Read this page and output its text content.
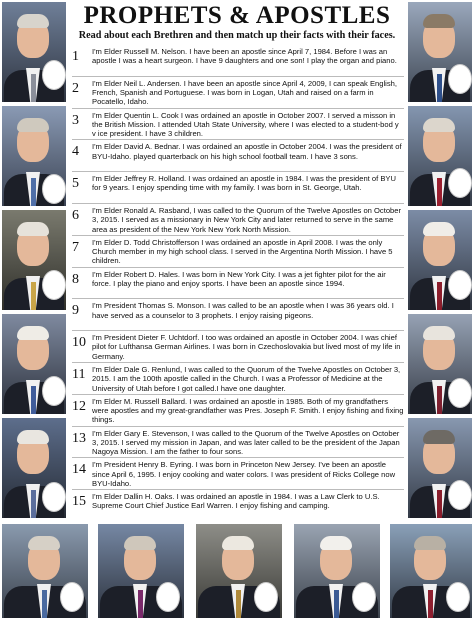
PROPHETS & APOSTLES
Read about each Brethren and then match up their facts with their faces.
1	I'm Elder Russell M. Nelson. I have been an apostle since April 7, 1984. Before I was an apostle I was a heart surgeon. I have 9 daughters and one son! I play the organ and piano.
2	I'm Elder Neil L. Andersen. I have been an apostle since April 4, 2009, I can speak English, French, Spanish and Portuguese. I was born in Logan, Utah and raised on a farm in Pocatello, Idaho.
3	I'm Elder Quentin L. Cook I was ordained an apostle in October 2007. I served a misson in the British Mission. I attended Utah State University, where I was elected to a student-bod y v ice president. I have 3 children.
4	I'm Elder David A. Bednar. I was ordained an apostle in October 2004. I was the president of BYU-Idaho. played quarterback on his high school football team. I have 3 sons.
5	I'm Elder Jeffrey R. Holland. I was ordained an apostle in 1984. I was the president of BYU for 9 years. I enjoy spending time with my family. I was born in St. George, Utah.
6	I'm Elder Ronald A. Rasband, I was called to the Quorum of the Twelve Apostles on October 3, 2015. I served as a missionary in New York City and later returned to serve in the same area as president of the New York New York North Mission.
7	I'm Elder D. Todd Christofferson I was ordained an apostle in April 2008. I was the only Church member in my high school class. I served in the Argentina North Mission. I have 5 children.
8	I'm Elder Robert D. Hales. I was born in New York City. I was a jet fighter pilot for the air force. I play the piano and enjoy sports. I have been an apostle since 1994.
9	I'm President Thomas S. Monson. I was called to be an apostle when I was 36 years old. I have served as a counselor to 3 prophets. I enjoy raising pigeons.
10 I'm President Dieter F. Uchtdorf. I too was ordained an apostle in October 2004. I was chief pilot for Lufthansa German Airlines. I was born in Czechoslovakia but lived most of my life in Germany.
11 I'm Elder Dale G. Renlund, I was called to the Quorum of the Twelve Apostles on October 3, 2015. I am the 100th apostle called in the Church. I was a Professor of Medicine at the University of Utah before I got called.I have one daughter.
12 I'm Elder M. Russell Ballard. I was ordained an apostle in 1985. Both of my grandfathers were apostles and my great-grandfather was Pres. Joseph F. Smith. I enjoy fishing and fixing things.
13 I'm Elder Gary E. Stevenson, I was called to the Quorum of the Twelve Apostles on October 3, 2015. I served my mission in Japan, and was later called to be the president of the Japan Nagoya Mission. I am the father to four sons.
14 I'm President Henry B. Eyring. I was born in Princeton New Jersey. I've been an apostle since April 6, 1995. I enjoy cooking and water colors. I was president of Ricks College now BYU-Idaho.
15 I'm Elder Dallin H. Oaks. I was ordained an apostle in 1984. I was a Law Clerk to U.S. Supreme Court Chief Justice Earl Warren. I enjoy fishing and camping.
